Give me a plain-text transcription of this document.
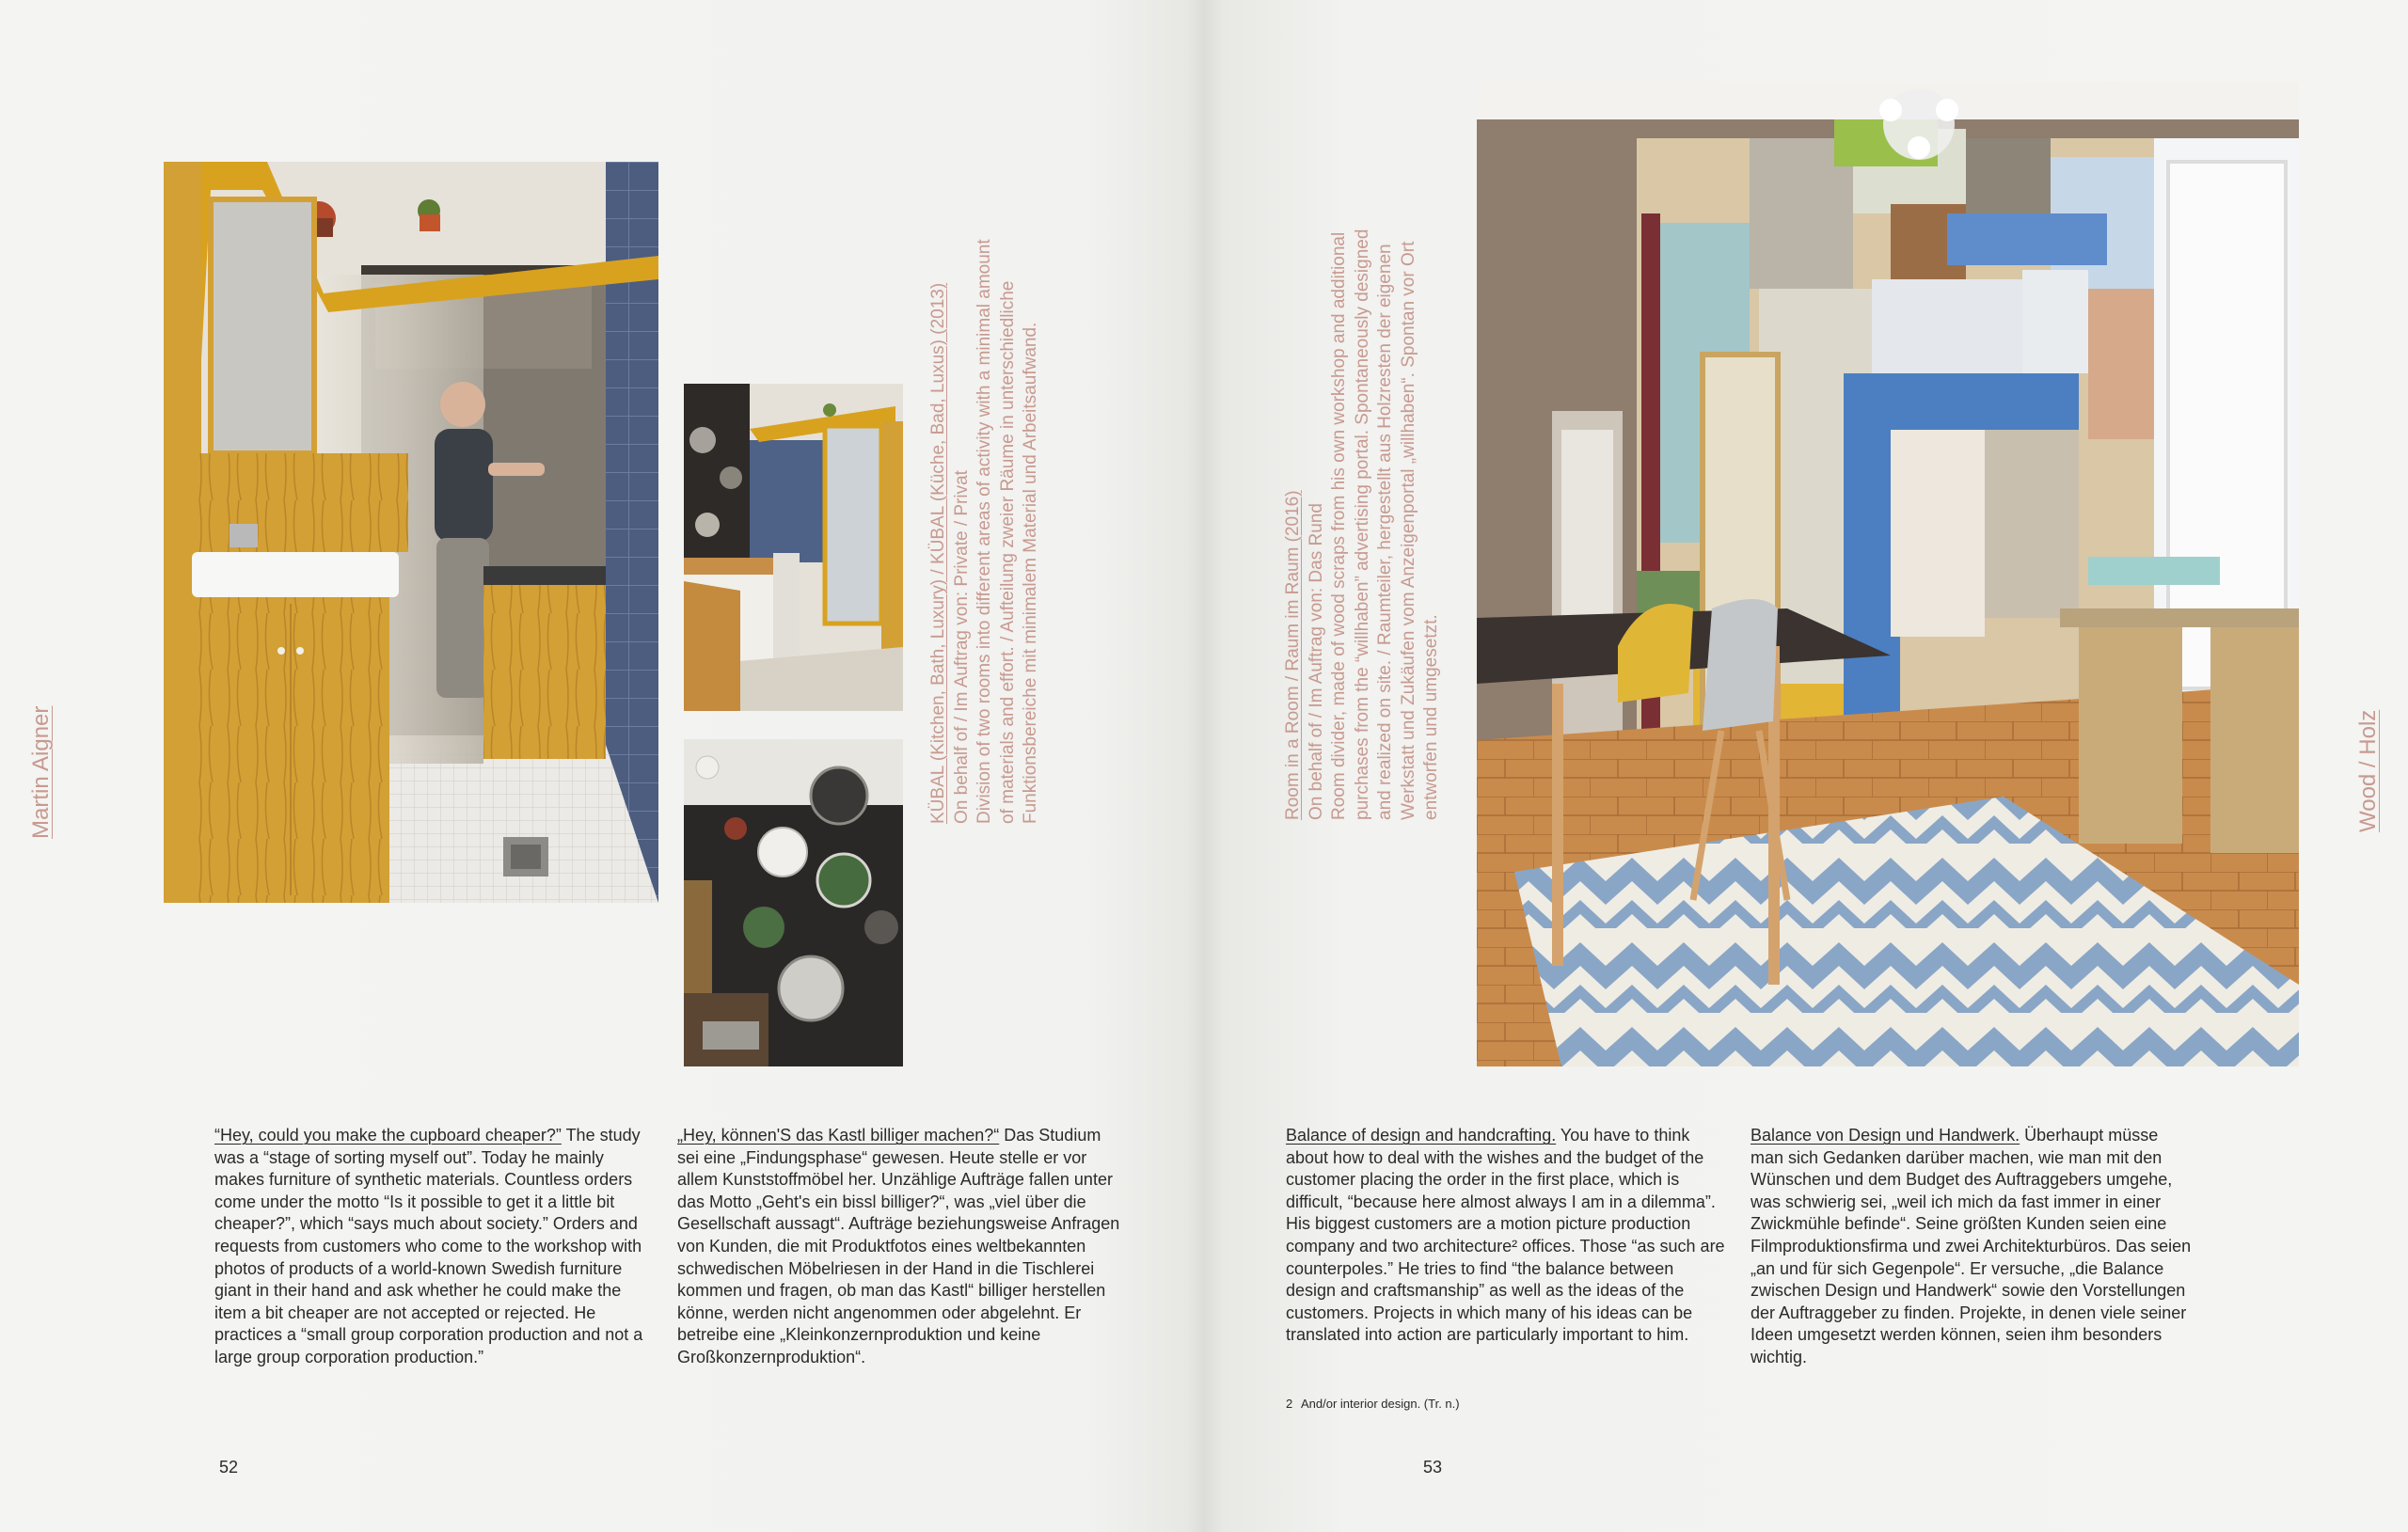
Martin Aigner	KÜBAL (Kitchen, Bath, Luxury) / KÜBAL (Küche, Bad, Luxus) (2013) On behalf of / Im Auftrag von: Private / Privat Division of two rooms into different areas of activity with a minimal amount of materials and effort. / Aufteilung zweier Räume in unterschiedliche Funktionsbereiche mit minimalem Material und Arbeitsaufwand.
“Hey, could you make the cupboard cheaper?” The study was a “stage of sorting myself out”. Today he mainly makes furniture of synthetic materials. Countless orders come under the motto “Is it possible to get it a little bit cheaper?”, which “says much about society.” Orders and requests from customers who come to the workshop with photos of products of a world-known Swedish furniture giant in their hand and ask whether he could make the item a bit cheaper are not accepted or rejected. He practices a “small group corporation production and not a large group corporation production.”
„Hey, können'S das Kastl billiger machen?“ Das Studium sei eine „Findungsphase“ gewesen. Heute stelle er vor allem Kunststoffmöbel her. Unzählige Aufträge fallen unter das Motto „Geht's ein bissl billiger?“, was „viel über die Gesellschaft aussagt“. Aufträge beziehungsweise Anfragen von Kunden, die mit Produktfotos eines weltbekannten schwedischen Möbelriesen in der Hand in die Tischlerei kommen und fragen, ob man das Kastl“ billiger herstellen könne, werden nicht angenommen oder abgelehnt. Er betreibe eine „Kleinkonzernproduktion und keine Großkonzernproduktion“.
52
Room in a Room / Raum im Raum (2016) On behalf of / Im Auftrag von: Das Rund Room divider, made of wood scraps from his own workshop and additional purchases from the “willhaben” advertising portal. Spontaneously designed and realized on site. / Raumteiler, hergestellt aus Holzresten der eigenen Werkstatt und Zukäufen vom Anzeigenportal „willhaben“. Spontan vor Ort entworfen und umgesetzt.	Wood / Holz
Balance of design and handcrafting. You have to think about how to deal with the wishes and the budget of the customer placing the order in the first place, which is difficult, “because here almost always I am in a dilemma”. His biggest customers are a motion picture production company and two architecture² offices. Those “as such are counterpoles.” He tries to find “the balance between design and craftsmanship” as well as the ideas of the customers. Projects in which many of his ideas can be translated into action are particularly important to him.
Balance von Design und Handwerk. Überhaupt müsse man sich Gedanken darüber machen, wie man mit den Wünschen und dem Budget des Auftraggebers umgehe, was schwierig sei, „weil ich mich da fast immer in einer Zwickmühle befinde“. Seine größten Kunden seien eine Filmproduktionsfirma und zwei Architekturbüros. Das seien „an und für sich Gegenpole“. Er versuche, „die Balance zwischen Design und Handwerk“ sowie den Vorstellungen der Auftraggeber zu finden. Projekte, in denen viele seiner Ideen umgesetzt werden können, seien ihm besonders wichtig.
2 And/or interior design. (Tr. n.)
53
